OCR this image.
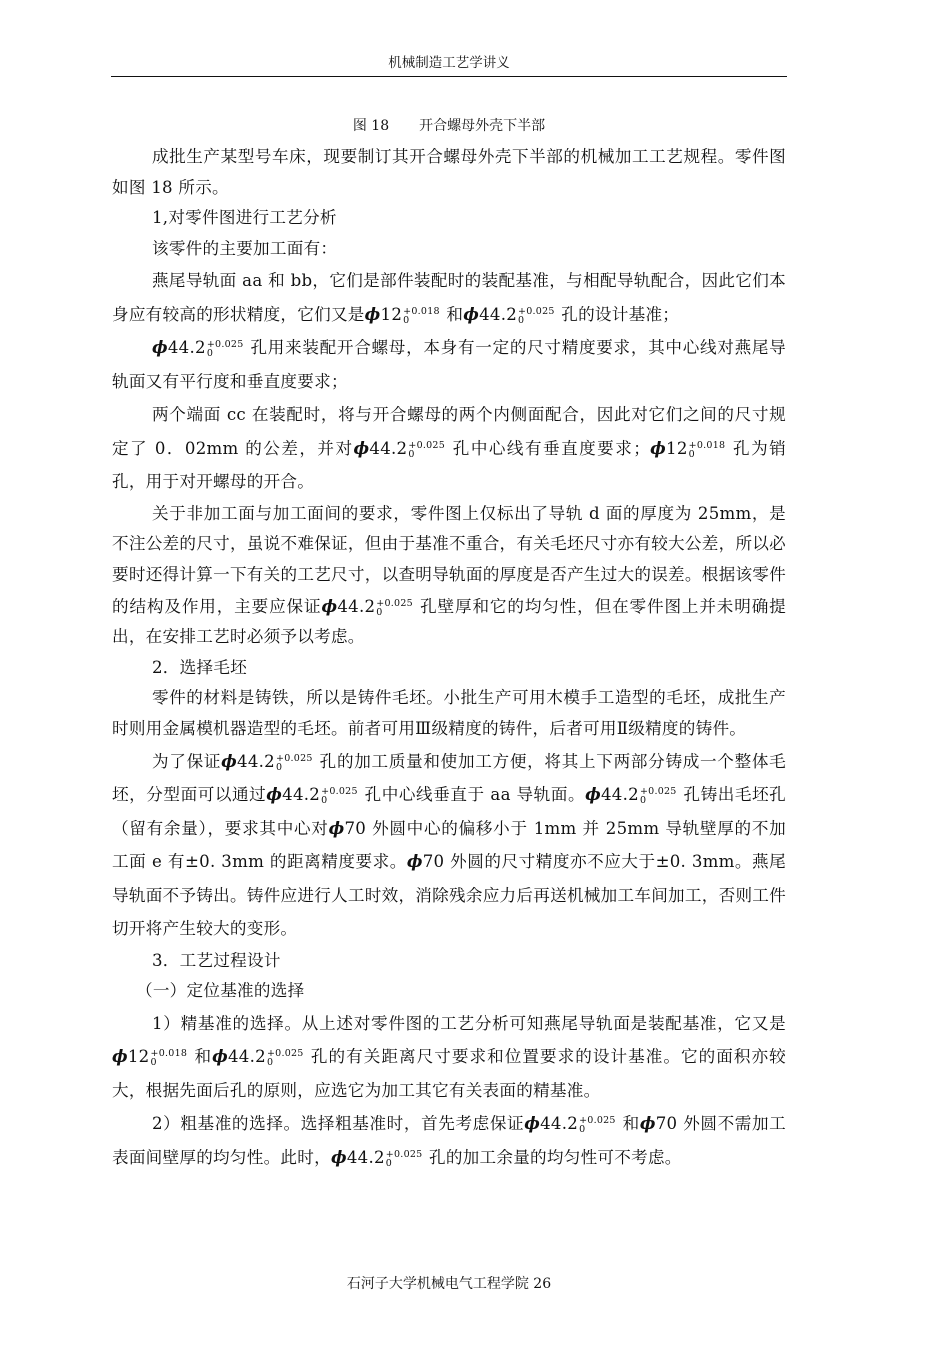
机械制造工艺学讲义
图 18 开合螺母外壳下半部

成批生产某型号车床，现要制订其开合螺母外壳下半部的机械加工工艺规程。零件图如图 18 所示。

1,对零件图进行工艺分析

该零件的主要加工面有：

燕尾导轨面 aa 和 bb，它们是部件装配时的装配基准，与相配导轨配合，因此它们本身应有较高的形状精度，它们又是ϕ12 +0.018
0	和ϕ44.2 +0.025
0	孔的设计基准；

ϕ44.2 +0.025
0	孔用来装配开合螺母，本身有一定的尺寸精度要求，其中心线对燕尾导轨面又有平行度和垂直度要求；

两个端面 cc 在装配时，将与开合螺母的两个内侧面配合，因此对它们之间的尺寸规定了 0．02mm 的公差，并对ϕ44.2 +0.025
0	孔中心线有垂直度要求；ϕ12 +0.018
0	孔为销孔，用于对开螺母的开合。

关于非加工面与加工面间的要求，零件图上仅标出了导轨 d 面的厚度为 25mm，是不注公差的尺寸，虽说不难保证，但由于基准不重合，有关毛坯尺寸亦有较大公差，所以必要时还得计算一下有关的工艺尺寸，以查明导轨面的厚度是否产生过大的误差。根据该零件的结构及作用，主要应保证ϕ44.2 +0.025
0	孔壁厚和它的均匀性，但在零件图上并未明确提出，在安排工艺时必须予以考虑。

2．选择毛坯

零件的材料是铸铁，所以是铸件毛坯。小批生产可用木模手工造型的毛坯，成批生产时则用金属模机器造型的毛坯。前者可用Ⅲ级精度的铸件，后者可用Ⅱ级精度的铸件。

为了保证ϕ44.2 +0.025
0	孔的加工质量和使加工方便，将其上下两部分铸成一个整体毛坯，分型面可以通过ϕ44.2 +0.025
0	孔中心线垂直于 aa 导轨面。ϕ44.2 +0.025
0	孔铸出毛坯孔（留有余量），要求其中心对ϕ70 外圆中心的偏移小于 1mm 并 25mm 导轨壁厚的不加工面 e 有±0. 3mm 的距离精度要求。ϕ70 外圆的尺寸精度亦不应大于±0. 3mm。燕尾导轨面不予铸出。铸件应进行人工时效，消除残余应力后再送机械加工车间加工，否则工件切开将产生较大的变形。

3．工艺过程设计

（一）定位基准的选择

1）精基准的选择。从上述对零件图的工艺分析可知燕尾导轨面是装配基准，它又是ϕ12 +0.018
0	和ϕ44.2 +0.025
0	孔的有关距离尺寸要求和位置要求的设计基准。它的面积亦较大，根据先面后孔的原则，应选它为加工其它有关表面的精基准。

2）粗基准的选择。选择粗基准时，首先考虑保证ϕ44.2 +0.025
0	和ϕ70 外圆不需加工表面间壁厚的均匀性。此时，ϕ44.2 +0.025
0	孔的加工余量的均匀性可不考虑。

石河子大学机械电气工程学院 26
